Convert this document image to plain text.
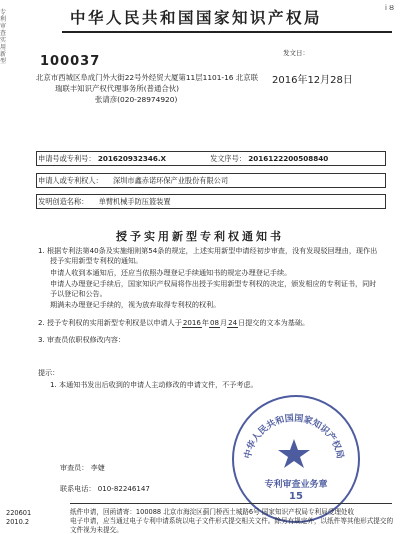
专利审查实用新型
中华人民共和国国家知识产权局
i Ȣ
100037
北京市西城区阜成门外大街22号外经贸大厦第11层1101-16 北京联
瑞联丰知识产权代理事务所(普通合伙)
张请彦(020-28974920)
发文日：
2016年12月28日
申请号或专利号： 201620932346.X	发文序号： 2016122200508840
申请人或专利权人： 深圳市鑫赤诺环保产业股份有限公司
发明创造名称： 单臂机械手防压篮装置
授予实用新型专利权通知书
1. 根据专利法第40条及实施细则第54条的规定，上述实用新型申请经初步审查，没有发现驳回理由，现作出
授予实用新型专利权的通知。
申请人收到本通知后，还应当依照办理登记手续通知书的规定办理登记手续。
申请人办理登记手续后，国家知识产权局将作出授予实用新型专利权的决定，颁发相应的专利证书，同时
予以登记和公告。
期满未办理登记手续的，视为放弃取得专利权的权利。
2. 授予专利权的实用新型专利权是以申请人于2016年08月24日提交的文本为基础。
3. 审查员依职权修改内容：
提示：
1. 本通知书发出后收到的申请人主动修改的申请文件，不予考虑。
审查员： 李婕
联系电话： 010-82246147
中华人民共和国国家知识产权局
专利审查业务章
15
220601
2010.2
纸件申请，回函请寄：100088 北京市海淀区蓟门桥西土城路6号 国家知识产权局专利局受理处收
电子申请，应当通过电子专利申请系统以电子文件形式提交相关文件。除另有规定外，以纸件等其他形式提交的
文件视为未提交。
